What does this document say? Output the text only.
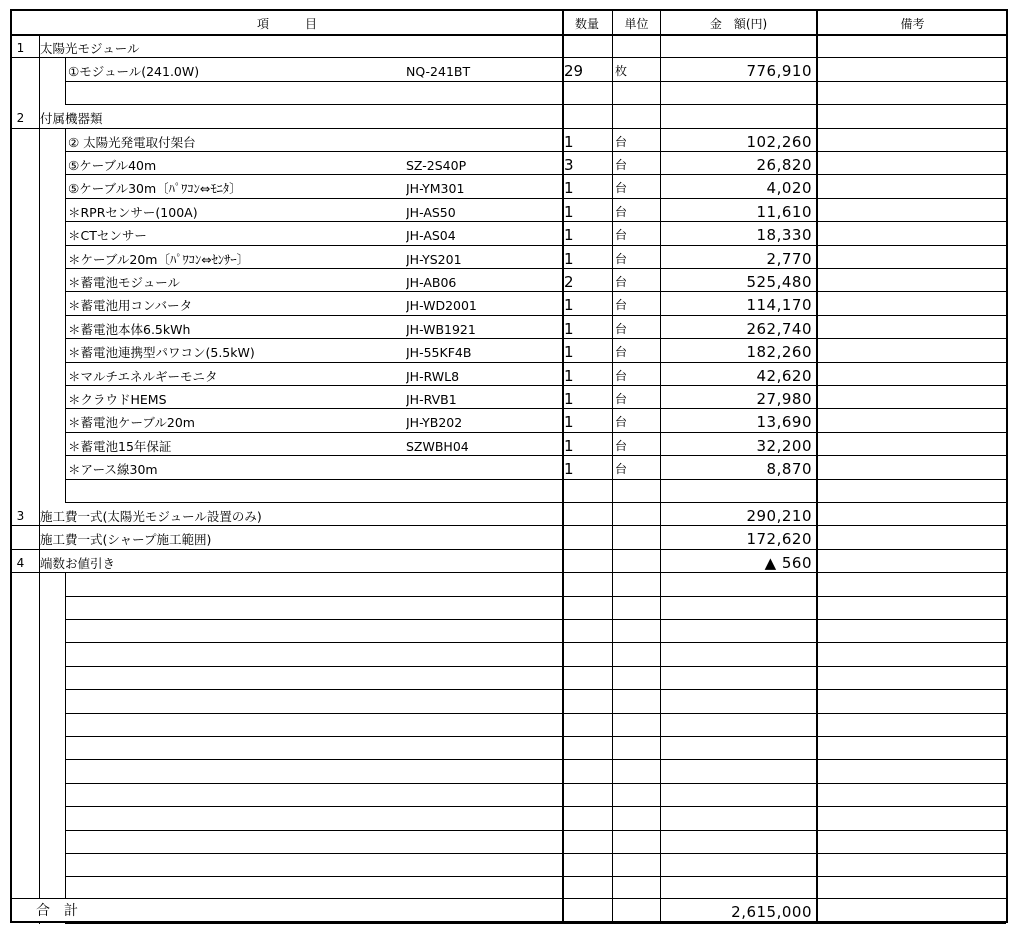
項　　　目	数量	単位	金　額(円)	備考
1	太陽光モジュール
①モジュール(241.0W)	NQ-241BT	29	枚	776,910
2	付属機器類
② 太陽光発電取付架台	1	台	102,260
⑤ケーブル40m	SZ-2S40P	3	台	26,820
⑤ケーブル30m〔ﾊﾟﾜｺﾝ⇔ﾓﾆﾀ〕	JH-YM301	1	台	4,020
＊RPRセンサー(100A)	JH-AS50	1	台	11,610
＊CTセンサー	JH-AS04	1	台	18,330
＊ケーブル20m〔ﾊﾟﾜｺﾝ⇔ｾﾝｻｰ〕	JH-YS201	1	台	2,770
＊蓄電池モジュール	JH-AB06	2	台	525,480
＊蓄電池用コンバータ	JH-WD2001	1	台	114,170
＊蓄電池本体6.5kWh	JH-WB1921	1	台	262,740
＊蓄電池連携型パワコン(5.5kW)	JH-55KF4B	1	台	182,260
＊マルチエネルギーモニタ	JH-RWL8	1	台	42,620
＊クラウドHEMS	JH-RVB1	1	台	27,980
＊蓄電池ケーブル20m	JH-YB202	1	台	13,690
＊蓄電池15年保証	SZWBH04	1	台	32,200
＊アース線30m	1	台	8,870
3	施工費一式(太陽光モジュール設置のみ)	290,210
施工費一式(シャープ施工範囲)	172,620
4	端数お値引き	▲ 560
合　計	2,615,000
